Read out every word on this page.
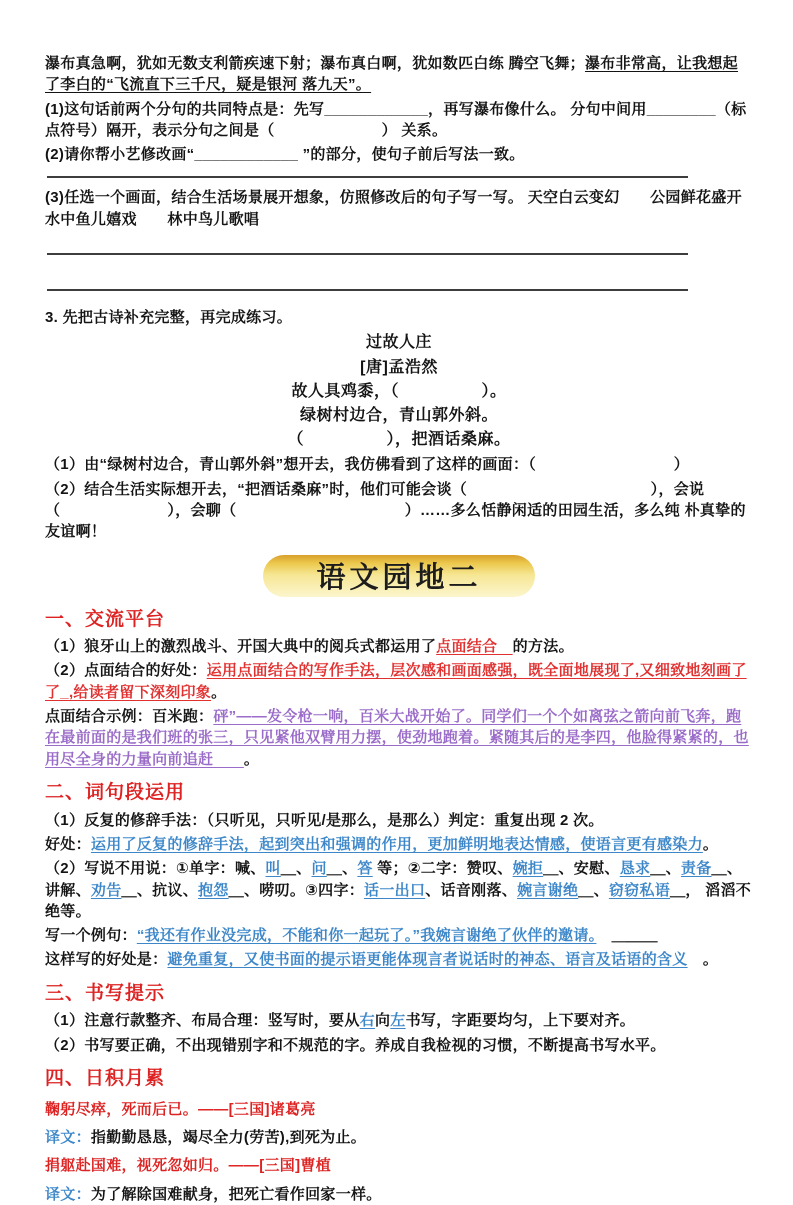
瀑布真急啊，犹如无数支利箭疾速下射；瀑布真白啊，犹如数匹白练 腾空飞舞；瀑布非常高，让我想起了李白的“飞流直下三千尺，疑是银河 落九天”。
(1)这句话前两个分句的共同特点是：先写____________，再写瀑布像什么。 分句中间用________（标点符号）隔开，表示分句之间是（　　　　　　　） 关系。
(2)请你帮小艺修改画“____________ ”的部分，使句子前后写法一致。
(3)任选一个画面，结合生活场景展开想象，仿照修改后的句子写一写。 天空白云变幻　　公园鲜花盛开　　水中鱼儿嬉戏　　林中鸟儿歌唱
3. 先把古诗补充完整，再完成练习。
过故人庄
[唐]孟浩然
故人具鸡黍，（　　　　　）。
绿树村边合，青山郭外斜。
（　　　　　），把酒话桑麻。
（1）由“绿树村边合，青山郭外斜”想开去，我仿佛看到了这样的画面：（　　　　　　　　　）
（2）结合生活实际想开去，“把酒话桑麻”时，他们可能会谈（　　　　　　　　　　　　），会说（　　　　　　　），会聊（　　　　　　　　　　　）……多么恬静闲适的田园生活，多么纯 朴真挚的友谊啊！
语文园地二
一、交流平台
（1）狼牙山上的激烈战斗、开国大典中的阅兵式都运用了点面结合　的方法。
（2）点面结合的好处：运用点面结合的写作手法，层次感和画面感强，既全面地展现了,又细致地刻画了了_,给读者留下深刻印象。
点面结合示例：百米跑：砰”——发令枪一响，百米大战开始了。同学们一个个如离弦之箭向前飞奔，跑在最前面的是我们班的张三，只见紧他双臂用力摆，使劲地跑着。紧随其后的是李四，他脸得紧紧的，也用尽全身的力量向前追赶　　。
二、词句段运用
（1）反复的修辞手法：（只听见，只听见/是那么，是那么）判定：重复出现 2 次。
好处：运用了反复的修辞手法，起到突出和强调的作用，更加鲜明地表达情感，使语言更有感染力。
（2）写说不用说：①单字：喊、叫＿、问＿、答 等；②二字：赞叹、婉拒＿、安慰、恳求＿、责备＿、 讲解、劝告＿、抗议、抱怨＿、唠叨。③四字：话一出口、话音刚落、婉言谢绝＿、窃窃私语＿， 滔滔不绝等。
写一个例句：“我还有作业没完成，不能和你一起玩了。”我婉言谢绝了伙伴的邀请。　＿＿＿
这样写的好处是：避免重复，又使书面的提示语更能体现言者说话时的神态、语言及话语的含义　。
三、书写提示
（1）注意行款整齐、布局合理：竖写时，要从右向左书写，字距要均匀，上下要对齐。
（2）书写要正确，不出现错别字和不规范的字。养成自我检视的习惯，不断提高书写水平。
四、日积月累
鞠躬尽瘁，死而后已。——[三国]诸葛亮
译文：指勤勤恳恳，竭尽全力(劳苦),到死为止。
捐躯赴国难，视死忽如归。——[三国]曹植
译文：为了解除国难献身，把死亡看作回家一样。
